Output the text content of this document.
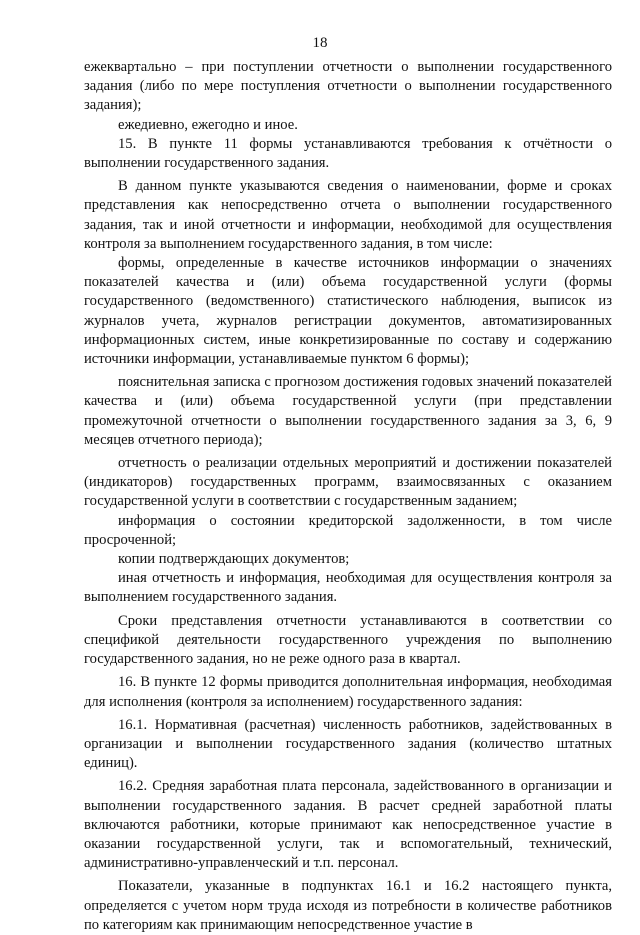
18

ежеквартально – при поступлении отчетности о выполнении государственного задания (либо по мере поступления отчетности о выполнении государственного задания);

ежедиевно, ежегодно и иное.

15. В пункте 11 формы устанавливаются требования к отчётности о выполнении государственного задания.

В данном пункте указываются сведения о наименовании, форме и сроках представления как непосредственно отчета о выполнении государственного задания, так и иной отчетности и информации, необходимой для осуществления контроля за выполнением государственного задания, в том числе:

формы, определенные в качестве источников информации о значениях показателей качества и (или) объема государственной услуги (формы государственного (ведомственного) статистического наблюдения, выписок из журналов учета, журналов регистрации документов, автоматизированных информационных систем, иные конкретизированные по составу и содержанию источники информации, устанавливаемые пунктом 6 формы);

пояснительная записка с прогнозом достижения годовых значений показателей качества и (или) объема государственной услуги (при представлении промежуточной отчетности о выполнении государственного задания за 3, 6, 9 месяцев отчетного периода);

отчетность о реализации отдельных мероприятий и достижении показателей (индикаторов) государственных программ, взаимосвязанных с оказанием государственной услуги в соответствии с государственным заданием;

информация о состоянии кредиторской задолженности, в том числе просроченной;

копии подтверждающих документов;

иная отчетность и информация, необходимая для осуществления контроля за выполнением государственного задания.

Сроки представления отчетности устанавливаются в соответствии со спецификой деятельности государственного учреждения по выполнению государственного задания, но не реже одного раза в квартал.

16. В пункте 12 формы приводится дополнительная информация, необходимая для исполнения (контроля за исполнением) государственного задания:

16.1. Нормативная (расчетная) численность работников, задействованных в организации и выполнении государственного задания (количество штатных единиц).

16.2. Средняя заработная плата персонала, задействованного в организации и выполнении государственного задания. В расчет средней заработной платы включаются работники, которые принимают как непосредственное участие в оказании государственной услуги, так и вспомогательный, технический, административно-управленческий и т.п. персонал.

Показатели, указанные в подпунктах 16.1 и 16.2 настоящего пункта, определяется с учетом норм труда исходя из потребности в количестве работников по категориям как принимающим непосредственное участие в
